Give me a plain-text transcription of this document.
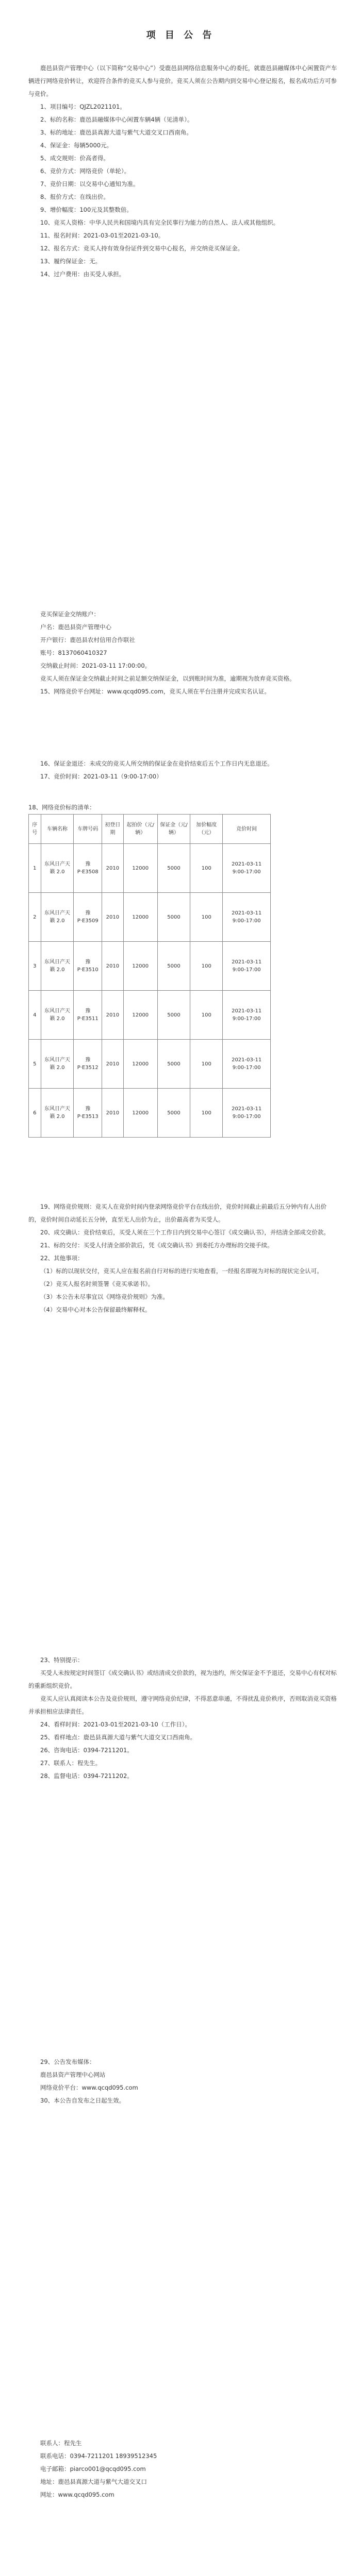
项 目 公 告

鹿邑县资产管理中心（以下简称“交易中心”）受鹿邑县网络信息服务中心的委托，就鹿邑县融媒体中心闲置资产车辆进行网络竞价转让，欢迎符合条件的竞买人参与竞价。竞买人须在公告期内到交易中心登记报名，报名成功后方可参与竞价。

1、项目编号：QJZL2021101。

2、标的名称：鹿邑县融媒体中心闲置车辆4辆（见清单）。

3、标的地址：鹿邑县真源大道与紫气大道交叉口西南角。

4、保证金：每辆5000元。

5、成交规则：价高者得。

6、竞价方式：网络竞价（单轮）。

7、竞价日期：以交易中心通知为准。

8、报价方式：在线出价。

9、增价幅度：100元及其整数倍。

10、竞买人资格：中华人民共和国境内具有完全民事行为能力的自然人、法人或其他组织。

11、报名时间：2021-03-01至2021-03-10。

12、报名方式：竞买人持有效身份证件到交易中心报名，并交纳竞买保证金。

13、履约保证金：无。

14、过户费用：由买受人承担。

竞买保证金交纳账户：

户名：鹿邑县资产管理中心

开户银行：鹿邑县农村信用合作联社

账号：8137060410327

交纳截止时间：2021-03-11 17:00:00。

竞买人须在保证金交纳截止时间之前足额交纳保证金，以到账时间为准，逾期视为放弃竞买资格。

15、网络竞价平台网址：www.qcqd095.com，竞买人须在平台注册并完成实名认证。

16、保证金退还：未成交的竞买人所交纳的保证金在竞价结束后五个工作日内无息退还。

17、竞价时间：2021-03-11（9:00-17:00）

18、网络竞价标的清单：

序号	车辆名称	车牌号码	初登日期	起拍价（元/辆）	保证金（元/辆）	加价幅度（元）	竞价时间
1	东风日产天籁 2.0	豫P·E3508	2010	12000	5000	100	2021-03-11 9:00-17:00
2	东风日产天籁 2.0	豫P·E3509	2010	12000	5000	100	2021-03-11 9:00-17:00
3	东风日产天籁 2.0	豫P·E3510	2010	12000	5000	100	2021-03-11 9:00-17:00
4	东风日产天籁 2.0	豫P·E3511	2010	12000	5000	100	2021-03-11 9:00-17:00
5	东风日产天籁 2.0	豫P·E3512	2010	12000	5000	100	2021-03-11 9:00-17:00
6	东风日产天籁 2.0	豫P·E3513	2010	12000	5000	100	2021-03-11 9:00-17:00

19、网络竞价规则：竞买人在竞价时间内登录网络竞价平台在线出价，竞价时间截止前最后五分钟内有人出价的，竞价时间自动延长五分钟，直至无人出价为止，出价最高者为买受人。

20、成交确认：竞价结束后，买受人须在三个工作日内到交易中心签订《成交确认书》，并结清全部成交价款。

21、标的交付：买受人付清全部价款后，凭《成交确认书》到委托方办理标的交接手续。

22、其他事项：

（1）标的以现状交付，竞买人应在报名前自行对标的进行实地查看，一经报名即视为对标的现状完全认可。

（2）竞买人报名时须签署《竞买承诺书》。

（3）本公告未尽事宜以《网络竞价规则》为准。

（4）交易中心对本公告保留最终解释权。

23、特别提示：

买受人未按规定时间签订《成交确认书》或结清成交价款的，视为违约，所交保证金不予退还，交易中心有权对标的重新组织竞价。

竞买人应认真阅读本公告及竞价规则，遵守网络竞价纪律，不得恶意串通，不得扰乱竞价秩序，否则取消竞买资格并承担相应法律责任。

24、看样时间：2021-03-01至2021-03-10（工作日）。

25、看样地点：鹿邑县真源大道与紫气大道交叉口西南角。

26、咨询电话：0394-7211201。

27、联系人：程先生。

28、监督电话：0394-7211202。

29、公告发布媒体：

鹿邑县资产管理中心网站

网络竞价平台：www.qcqd095.com

30、本公告自发布之日起生效。

联系人：程先生

联系电话：0394-7211201 18939512345

电子邮箱：piarco001@qcqd095.com

地址：鹿邑县真源大道与紫气大道交叉口

网址：www.qcqd095.com
